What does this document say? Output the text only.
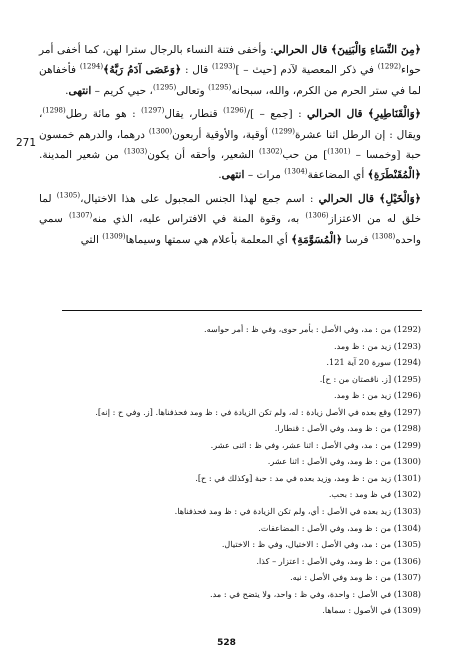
﴿مِنَ النِّسَاءِ وَالْبَنِينَ﴾ قال الحرالي: وأخفى فتنة النساء بالرجال سترا لهن، كما أخفى أمر حواء$^{(1292)}$ في ذكر المعصية لآدم [حيث – ]$^{(1293)}$ قال : ﴿وَعَصَى آدَمُ رَبَّهُ﴾$^{(1294)}$ فأخفاهن لما في ستر الحرم من الكرم، والله، سبحانه$^{(1295)}$ وتعالى$^{(1295)}$، حيي كريم – انتهى.

﴿وَالْقَنَاطِيرِ﴾ قال الحرالي : [جمع – ]/$^{(1296)}$ قنطار، يقال$^{(1297)}$ : هو مائة رطل$^{(1298)}$، ويقال : إن الرطل اثنا عشرة$^{(1299)}$ أوقية، والأوقية أربعون$^{(1300)}$ درهما، والدرهم خمسون حبة [وخمسا – $^{(1301)}$] من حب$^{(1302)}$ الشعير، وأحقه أن يكون$^{(1303)}$ من شعير المدينة. ﴿الْمُقَنْطَرَةِ﴾ أي المضاعفة$^{(1304)}$ مرات – انتهى.

﴿وَالْخَيْلِ﴾ قال الحرالي : اسم جمع لهذا الجنس المجبول على هذا الاختيال،$^{(1305)}$ لما خلق له من الاعتزاز$^{(1306)}$ به، وقوة المنة في الافتراس عليه، الذي منه$^{(1307)}$ سمي واحده$^{(1308)}$ فرسا ﴿الْمُسَوَّمَةِ﴾ أي المعلمة بأعلام هي سمتها وسيماها$^{(1309)}$ التي

271
(1292) من : مد، وفي الأصل : بأمر حوى، وفي ظ : أمر حواسه.
(1293) زيد من : ظ ومد.
(1294) سورة 20 آية 121.
(1295) [ز. ناقصتان من : ح].
(1296) زيد من : ظ ومد.
(1297) وقع بعده في الأصل زيادة : له، ولم تكن الزيادة في : ظ ومد فحذفناها. [ز. وفي ح : إنه].
(1298) من : ظ ومد، وفي الأصل : قنطارا.
(1299) من : مد، وفي الأصل : اثنا عشر، وفي ظ : اثنى عشر.
(1300) من : ظ ومد، وفي الأصل : اثنا عشر.
(1301) زيد من : ظ ومد، وزيد بعده في مد : حبة [وكذلك في : ح].
(1302) في ظ ومد : بحب.
(1303) زيد بعده في الأصل : أي، ولم تكن الزيادة في : ظ ومد فحذفناها.
(1304) من : ظ ومد، وفي الأصل : المضاعفات.
(1305) من : مد، وفي الأصل : الاختيال، وفي ظ : الاختيال.
(1306) من : ظ ومد، وفي الأصل : اعتزار – كذا.
(1307) من : ظ ومد وفي الأصل : نيه.
(1308) في الأصل : واحدة، وفي ظ : واحد، ولا يتضح في : مد.
(1309) في الأصول : سماها.
528
